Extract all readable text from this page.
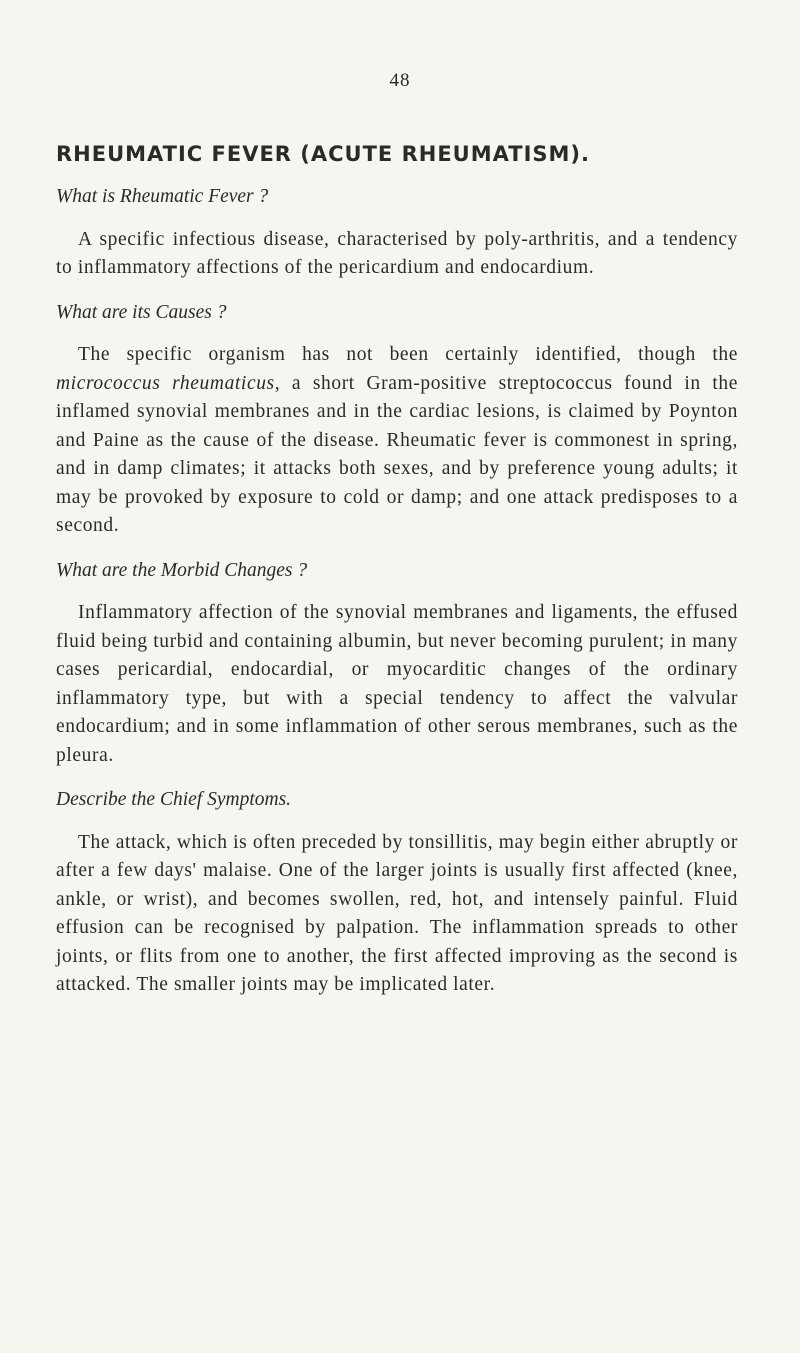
48
RHEUMATIC FEVER (ACUTE RHEUMATISM).

What is Rheumatic Fever ?

A specific infectious disease, characterised by poly-arthritis, and a tendency to inflammatory affections of the pericardium and endocardium.

What are its Causes ?

The specific organism has not been certainly identified, though the micrococcus rheumaticus, a short Gram-positive streptococcus found in the inflamed synovial membranes and in the cardiac lesions, is claimed by Poynton and Paine as the cause of the disease. Rheumatic fever is commonest in spring, and in damp climates; it attacks both sexes, and by preference young adults; it may be provoked by exposure to cold or damp; and one attack predisposes to a second.

What are the Morbid Changes ?

Inflammatory affection of the synovial membranes and ligaments, the effused fluid being turbid and containing albumin, but never becoming purulent; in many cases pericardial, endocardial, or myocarditic changes of the ordinary inflammatory type, but with a special tendency to affect the valvular endocardium; and in some inflammation of other serous membranes, such as the pleura.

Describe the Chief Symptoms.

The attack, which is often preceded by tonsillitis, may begin either abruptly or after a few days' malaise. One of the larger joints is usually first affected (knee, ankle, or wrist), and becomes swollen, red, hot, and intensely painful. Fluid effusion can be recognised by palpation. The inflammation spreads to other joints, or flits from one to another, the first affected improving as the second is attacked. The smaller joints may be implicated later.
